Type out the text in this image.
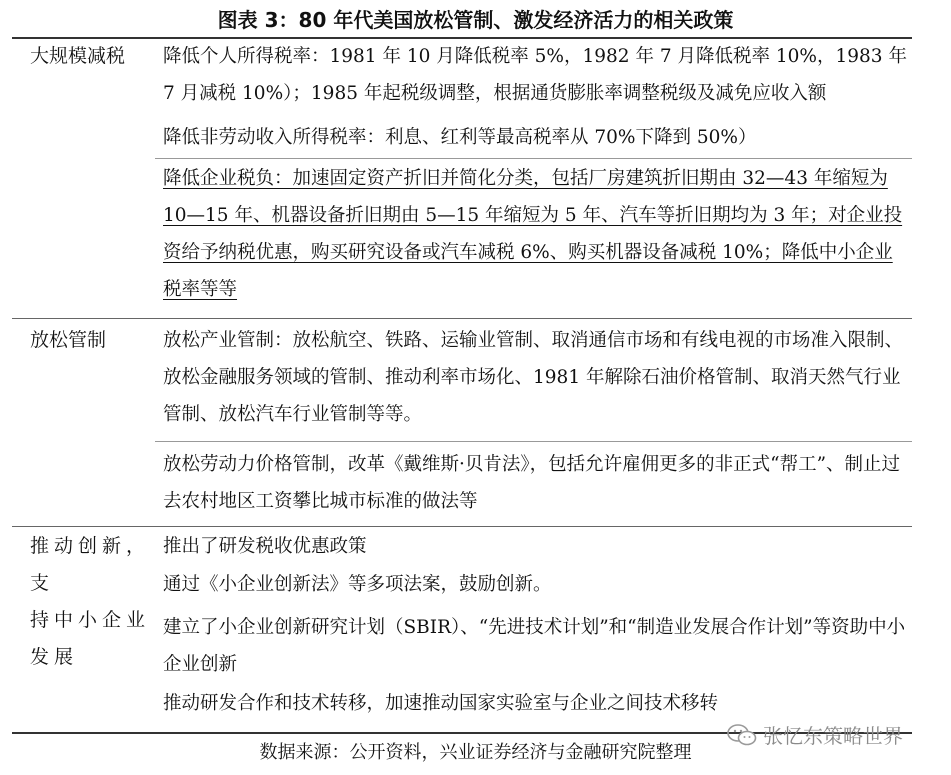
图表 3：80 年代美国放松管制、激发经济活力的相关政策
大规模减税	降低个人所得税率：1981 年 10 月降低税率 5%，1982 年 7 月降低税率 10%，1983 年 7 月减税 10%）；1985 年起税级调整，根据通货膨胀率调整税级及减免应收入额
降低非劳动收入所得税率：利息、红利等最高税率从 70%下降到 50%）
降低企业税负：加速固定资产折旧并简化分类，包括厂房建筑折旧期由 32—43 年缩短为 10—15 年、机器设备折旧期由 5—15 年缩短为 5 年、汽车等折旧期均为 3 年；对企业投资给予纳税优惠，购买研究设备或汽车减税 6%、购买机器设备减税 10%；降低中小企业税率等等
放松管制	放松产业管制：放松航空、铁路、运输业管制、取消通信市场和有线电视的市场准入限制、放松金融服务领域的管制、推动利率市场化、1981 年解除石油价格管制、取消天然气行业管制、放松汽车行业管制等等。
放松劳动力价格管制，改革《戴维斯·贝肯法》，包括允许雇佣更多的非正式“帮工”、制止过去农村地区工资攀比城市标准的做法等
推动创新，支
持中小企业
发展
推出了研发税收优惠政策
通过《小企业创新法》等多项法案，鼓励创新。
建立了小企业创新研究计划（SBIR）、“先进技术计划”和“制造业发展合作计划”等资助中小企业创新
推动研发合作和技术转移，加速推动国家实验室与企业之间技术移转
数据来源：公开资料，兴业证券经济与金融研究院整理
张忆东策略世界
